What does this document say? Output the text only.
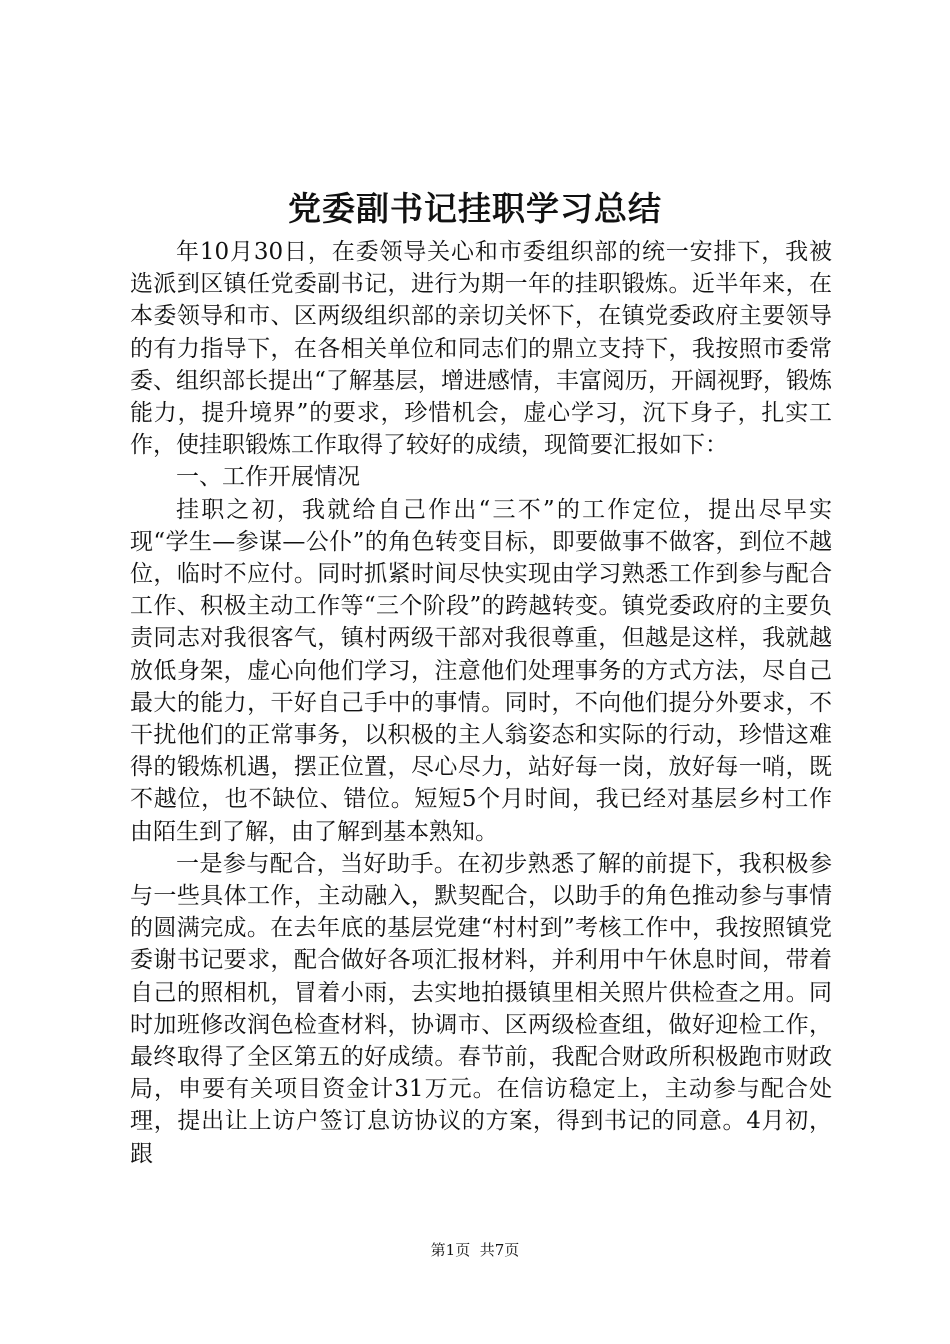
党委副书记挂职学习总结

年10月30日，在委领导关心和市委组织部的统一安排下，我被选派到区镇任党委副书记，进行为期一年的挂职锻炼。近半年来，在本委领导和市、区两级组织部的亲切关怀下，在镇党委政府主要领导的有力指导下，在各相关单位和同志们的鼎立支持下，我按照市委常委、组织部长提出“了解基层，增进感情，丰富阅历，开阔视野，锻炼能力，提升境界”的要求，珍惜机会，虚心学习，沉下身子，扎实工作，使挂职锻炼工作取得了较好的成绩，现简要汇报如下：

一、工作开展情况

挂职之初，我就给自己作出“三不”的工作定位，提出尽早实现“学生—参谋—公仆”的角色转变目标，即要做事不做客，到位不越位，临时不应付。同时抓紧时间尽快实现由学习熟悉工作到参与配合工作、积极主动工作等“三个阶段”的跨越转变。镇党委政府的主要负责同志对我很客气，镇村两级干部对我很尊重，但越是这样，我就越放低身架，虚心向他们学习，注意他们处理事务的方式方法，尽自己最大的能力，干好自己手中的事情。同时，不向他们提分外要求，不干扰他们的正常事务，以积极的主人翁姿态和实际的行动，珍惜这难得的锻炼机遇，摆正位置，尽心尽力，站好每一岗，放好每一哨，既不越位，也不缺位、错位。短短5个月时间，我已经对基层乡村工作由陌生到了解，由了解到基本熟知。

一是参与配合，当好助手。在初步熟悉了解的前提下，我积极参与一些具体工作，主动融入，默契配合，以助手的角色推动参与事情的圆满完成。在去年底的基层党建“村村到”考核工作中，我按照镇党委谢书记要求，配合做好各项汇报材料，并利用中午休息时间，带着自己的照相机，冒着小雨，去实地拍摄镇里相关照片供检查之用。同时加班修改润色检查材料，协调市、区两级检查组，做好迎检工作，最终取得了全区第五的好成绩。春节前，我配合财政所积极跑市财政局，申要有关项目资金计31万元。在信访稳定上，主动参与配合处理，提出让上访户签订息访协议的方案，得到书记的同意。4月初，跟

第1页 共7页
